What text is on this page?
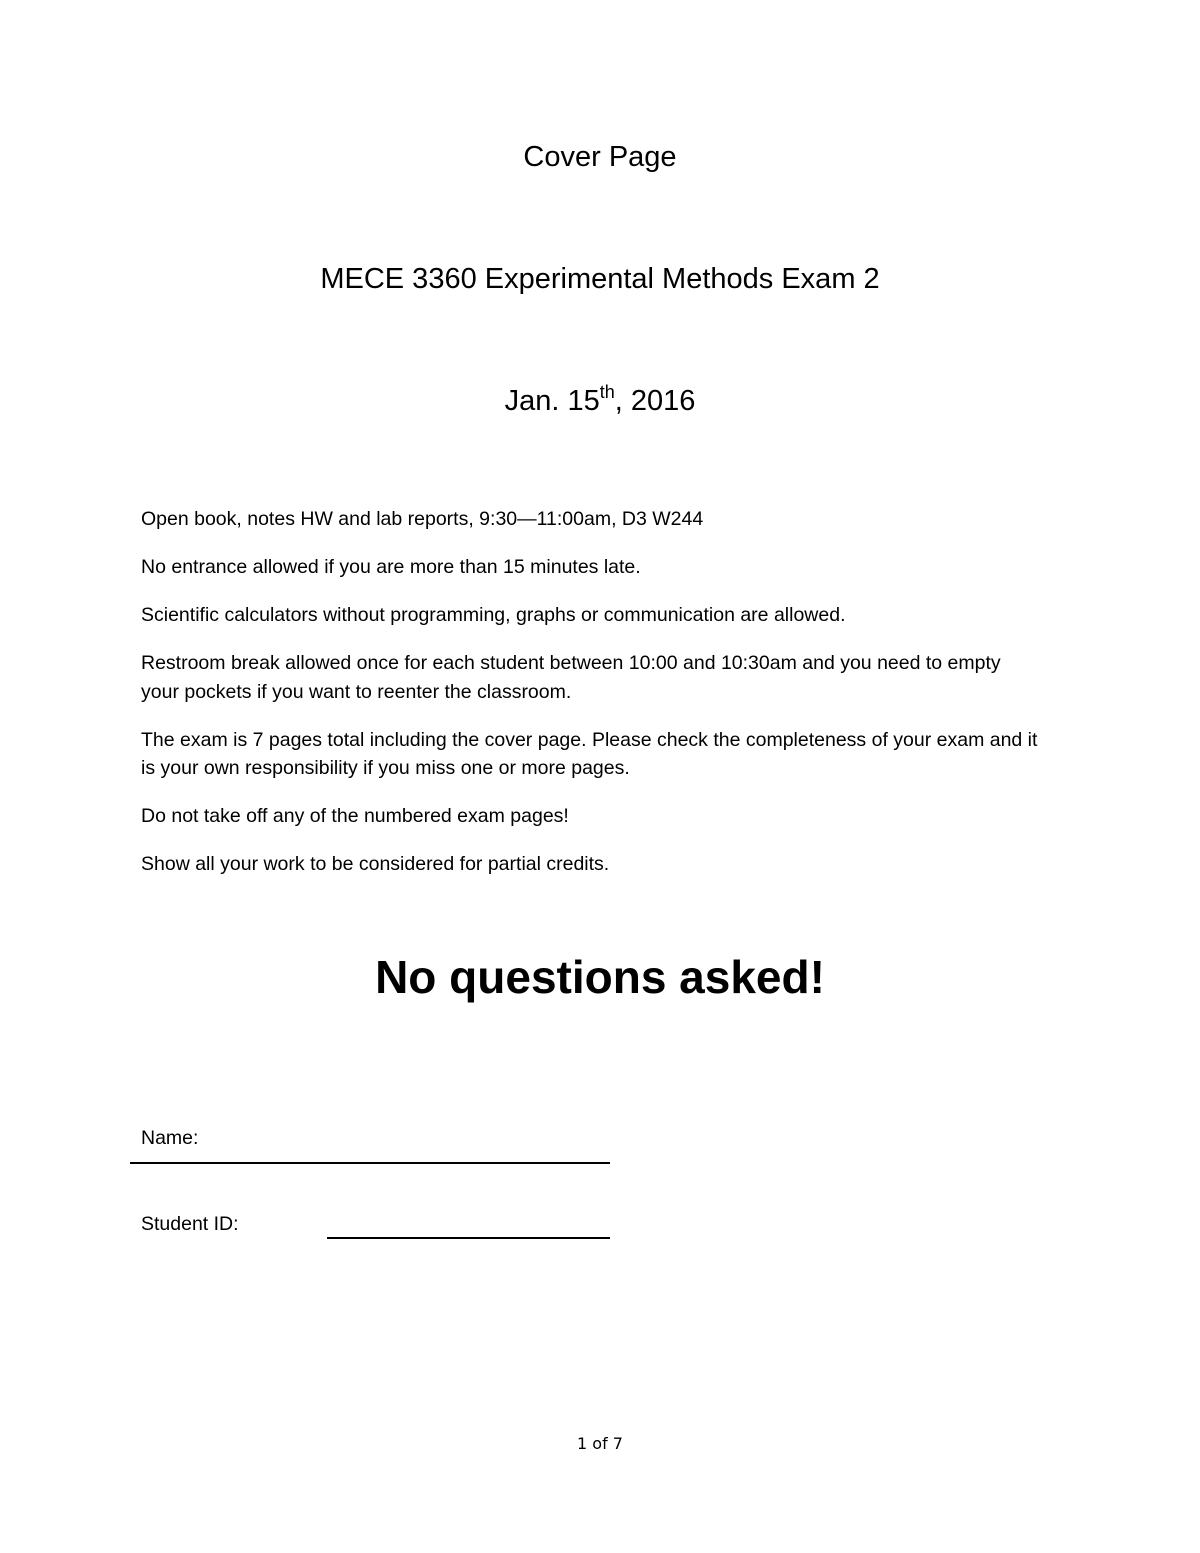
Cover Page
MECE 3360 Experimental Methods Exam 2
Jan. 15th, 2016

Open book, notes HW and lab reports, 9:30—11:00am, D3 W244

No entrance allowed if you are more than 15 minutes late.

Scientific calculators without programming, graphs or communication are allowed.

Restroom break allowed once for each student between 10:00 and 10:30am and you need to empty your pockets if you want to reenter the classroom.

The exam is 7 pages total including the cover page. Please check the completeness of your exam and it is your own responsibility if you miss one or more pages.

Do not take off any of the numbered exam pages!

Show all your work to be considered for partial credits.

No questions asked!
Name:
Student ID:
1 of 7
